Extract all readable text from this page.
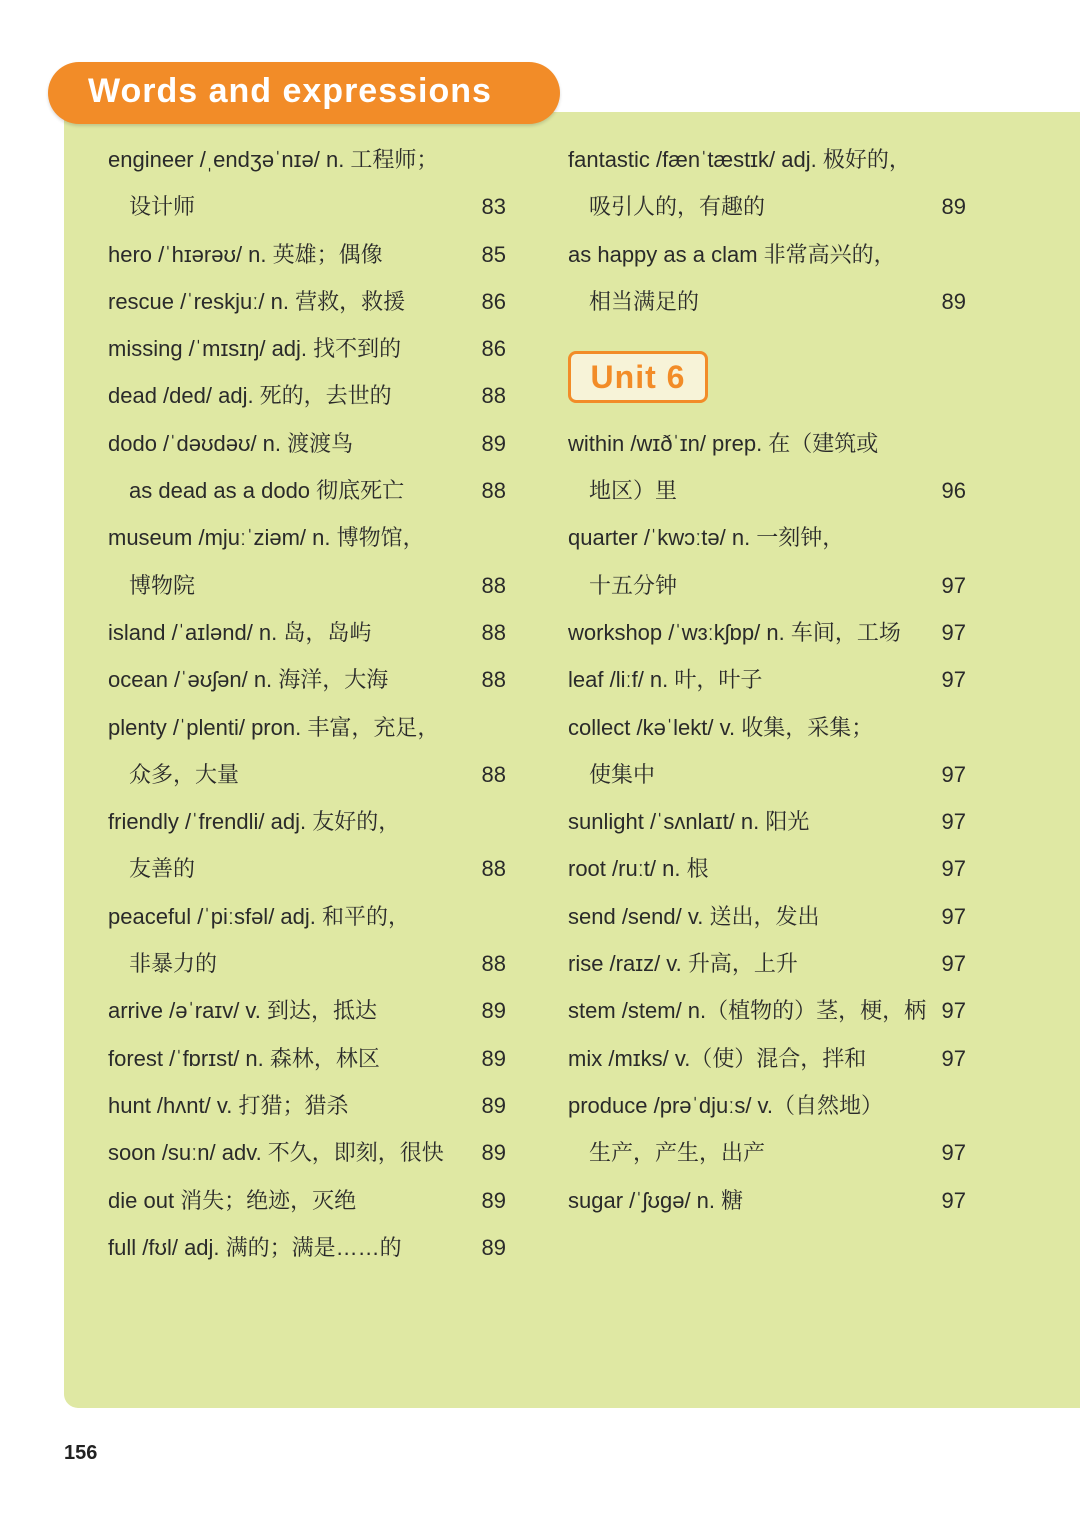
Words and expressions
engineer /ˌendʒəˈnɪə/ n. 工程师；
设计师	83
hero /ˈhɪərəʊ/ n. 英雄；偶像	85
rescue /ˈreskjuː/ n. 营救，救援	86
missing /ˈmɪsɪŋ/ adj. 找不到的	86
dead /ded/ adj. 死的，去世的	88
dodo /ˈdəʊdəʊ/ n. 渡渡鸟	89
as dead as a dodo 彻底死亡	88
museum /mjuːˈziəm/ n. 博物馆，
博物院	88
island /ˈaɪlənd/ n. 岛，岛屿	88
ocean /ˈəʊʃən/ n. 海洋，大海	88
plenty /ˈplenti/ pron. 丰富，充足，
众多，大量	88
friendly /ˈfrendli/ adj. 友好的，
友善的	88
peaceful /ˈpiːsfəl/ adj. 和平的，
非暴力的	88
arrive /əˈraɪv/ v. 到达，抵达	89
forest /ˈfɒrɪst/ n. 森林，林区	89
hunt /hʌnt/ v. 打猎；猎杀	89
soon /suːn/ adv. 不久，即刻，很快 89
die out 消失；绝迹，灭绝	89
full /fʊl/ adj. 满的；满是……的	89
fantastic /fænˈtæstɪk/ adj. 极好的，
吸引人的，有趣的	89
as happy as a clam 非常高兴的，
相当满足的	89
Unit 6
within /wɪðˈɪn/ prep. 在（建筑或
地区）里	96
quarter /ˈkwɔːtə/ n. 一刻钟，
十五分钟	97
workshop /ˈwɜːkʃɒp/ n. 车间，工场 97
leaf /liːf/ n. 叶，叶子	97
collect /kəˈlekt/ v. 收集，采集；
使集中	97
sunlight /ˈsʌnlaɪt/ n. 阳光	97
root /ruːt/ n. 根	97
send /send/ v. 送出，发出	97
rise /raɪz/ v. 升高，上升	97
stem /stem/ n.（植物的）茎，梗，柄 97
mix /mɪks/ v.（使）混合，拌和	97
produce /prəˈdjuːs/ v.（自然地）
生产，产生，出产	97
sugar /ˈʃʊgə/ n. 糖	97
156
